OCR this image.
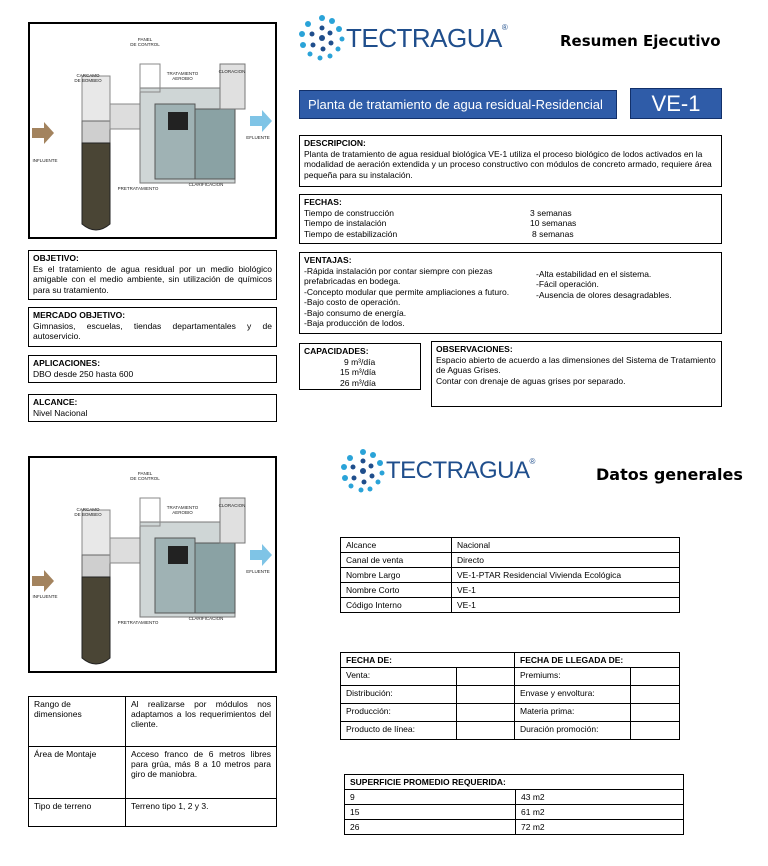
PANEL
DE CONTROL
CARCAMO
DE BOMBEO
TRATAMIENTO
AEROBIO
CLORACION
EFLUENTE
INFLUENTE
PRETRATAMIENTO
CLARIFICACION
OBJETIVO:
Es el tratamiento de agua residual por un medio biológico amigable con el medio ambiente, sin utilización de químicos para su tratamiento.
MERCADO OBJETIVO:
Gimnasios, escuelas, tiendas departamentales y de autoservicio.
APLICACIONES:
DBO desde 250 hasta 600
ALCANCE:
Nivel Nacional
TECTRAGUA®
Resumen Ejecutivo
Planta de tratamiento de agua residual-Residencial	VE-1
DESCRIPCION:
Planta de tratamiento de agua residual biológica VE-1 utiliza el proceso biológico de lodos activados en la modalidad de aeración extendida y un proceso constructivo con módulos de concreto armado, requiere área pequeña para su instalación.
FECHAS:
Tiempo de construcción	3 semanas
Tiempo de instalación	10 semanas
Tiempo de estabilización	8 semanas
VENTAJAS:
-Rápida instalación por contar siempre con piezas prefabricadas en bodega.
-Concepto modular que permite ampliaciones a futuro.
-Bajo costo de operación.
-Bajo consumo de energía.
-Baja producción de lodos.
-Alta estabilidad en el sistema.
-Fácil operación.
-Ausencia de olores desagradables.
CAPACIDADES:
9 m³/día
15 m³/día
26 m³/día
OBSERVACIONES:
Espacio abierto de acuerdo a las dimensiones del Sistema de Tratamiento de Aguas Grises.
Contar con drenaje de aguas grises por separado.
PANEL
DE CONTROL
CARCAMO
DE BOMBEO
TRATAMIENTO
AEROBIO
CLORACION
EFLUENTE
INFLUENTE
PRETRATAMIENTO
CLARIFICACION
TECTRAGUA®
Datos generales
Alcance	Nacional
Canal de venta	Directo
Nombre Largo	VE-1-PTAR Residencial Vivienda Ecológica
Nombre Corto	VE-1
Código Interno	VE-1
FECHA DE:		FECHA DE LLEGADA DE:	
Venta:		Premiums:	
Distribución:		Envase y envoltura:	
Producción:		Materia prima:	
Producto de línea:		Duración promoción:	
Rango de dimensiones	Al realizarse por módulos nos adaptamos a los requerimientos del cliente.
Área de Montaje	Acceso franco de 6 metros libres para grúa, más 8 a 10 metros para giro de maniobra.
Tipo de terreno	Terreno tipo 1, 2 y 3.
SUPERFICIE PROMEDIO REQUERIDA:	
9	43 m2
15	61 m2
26	72 m2
